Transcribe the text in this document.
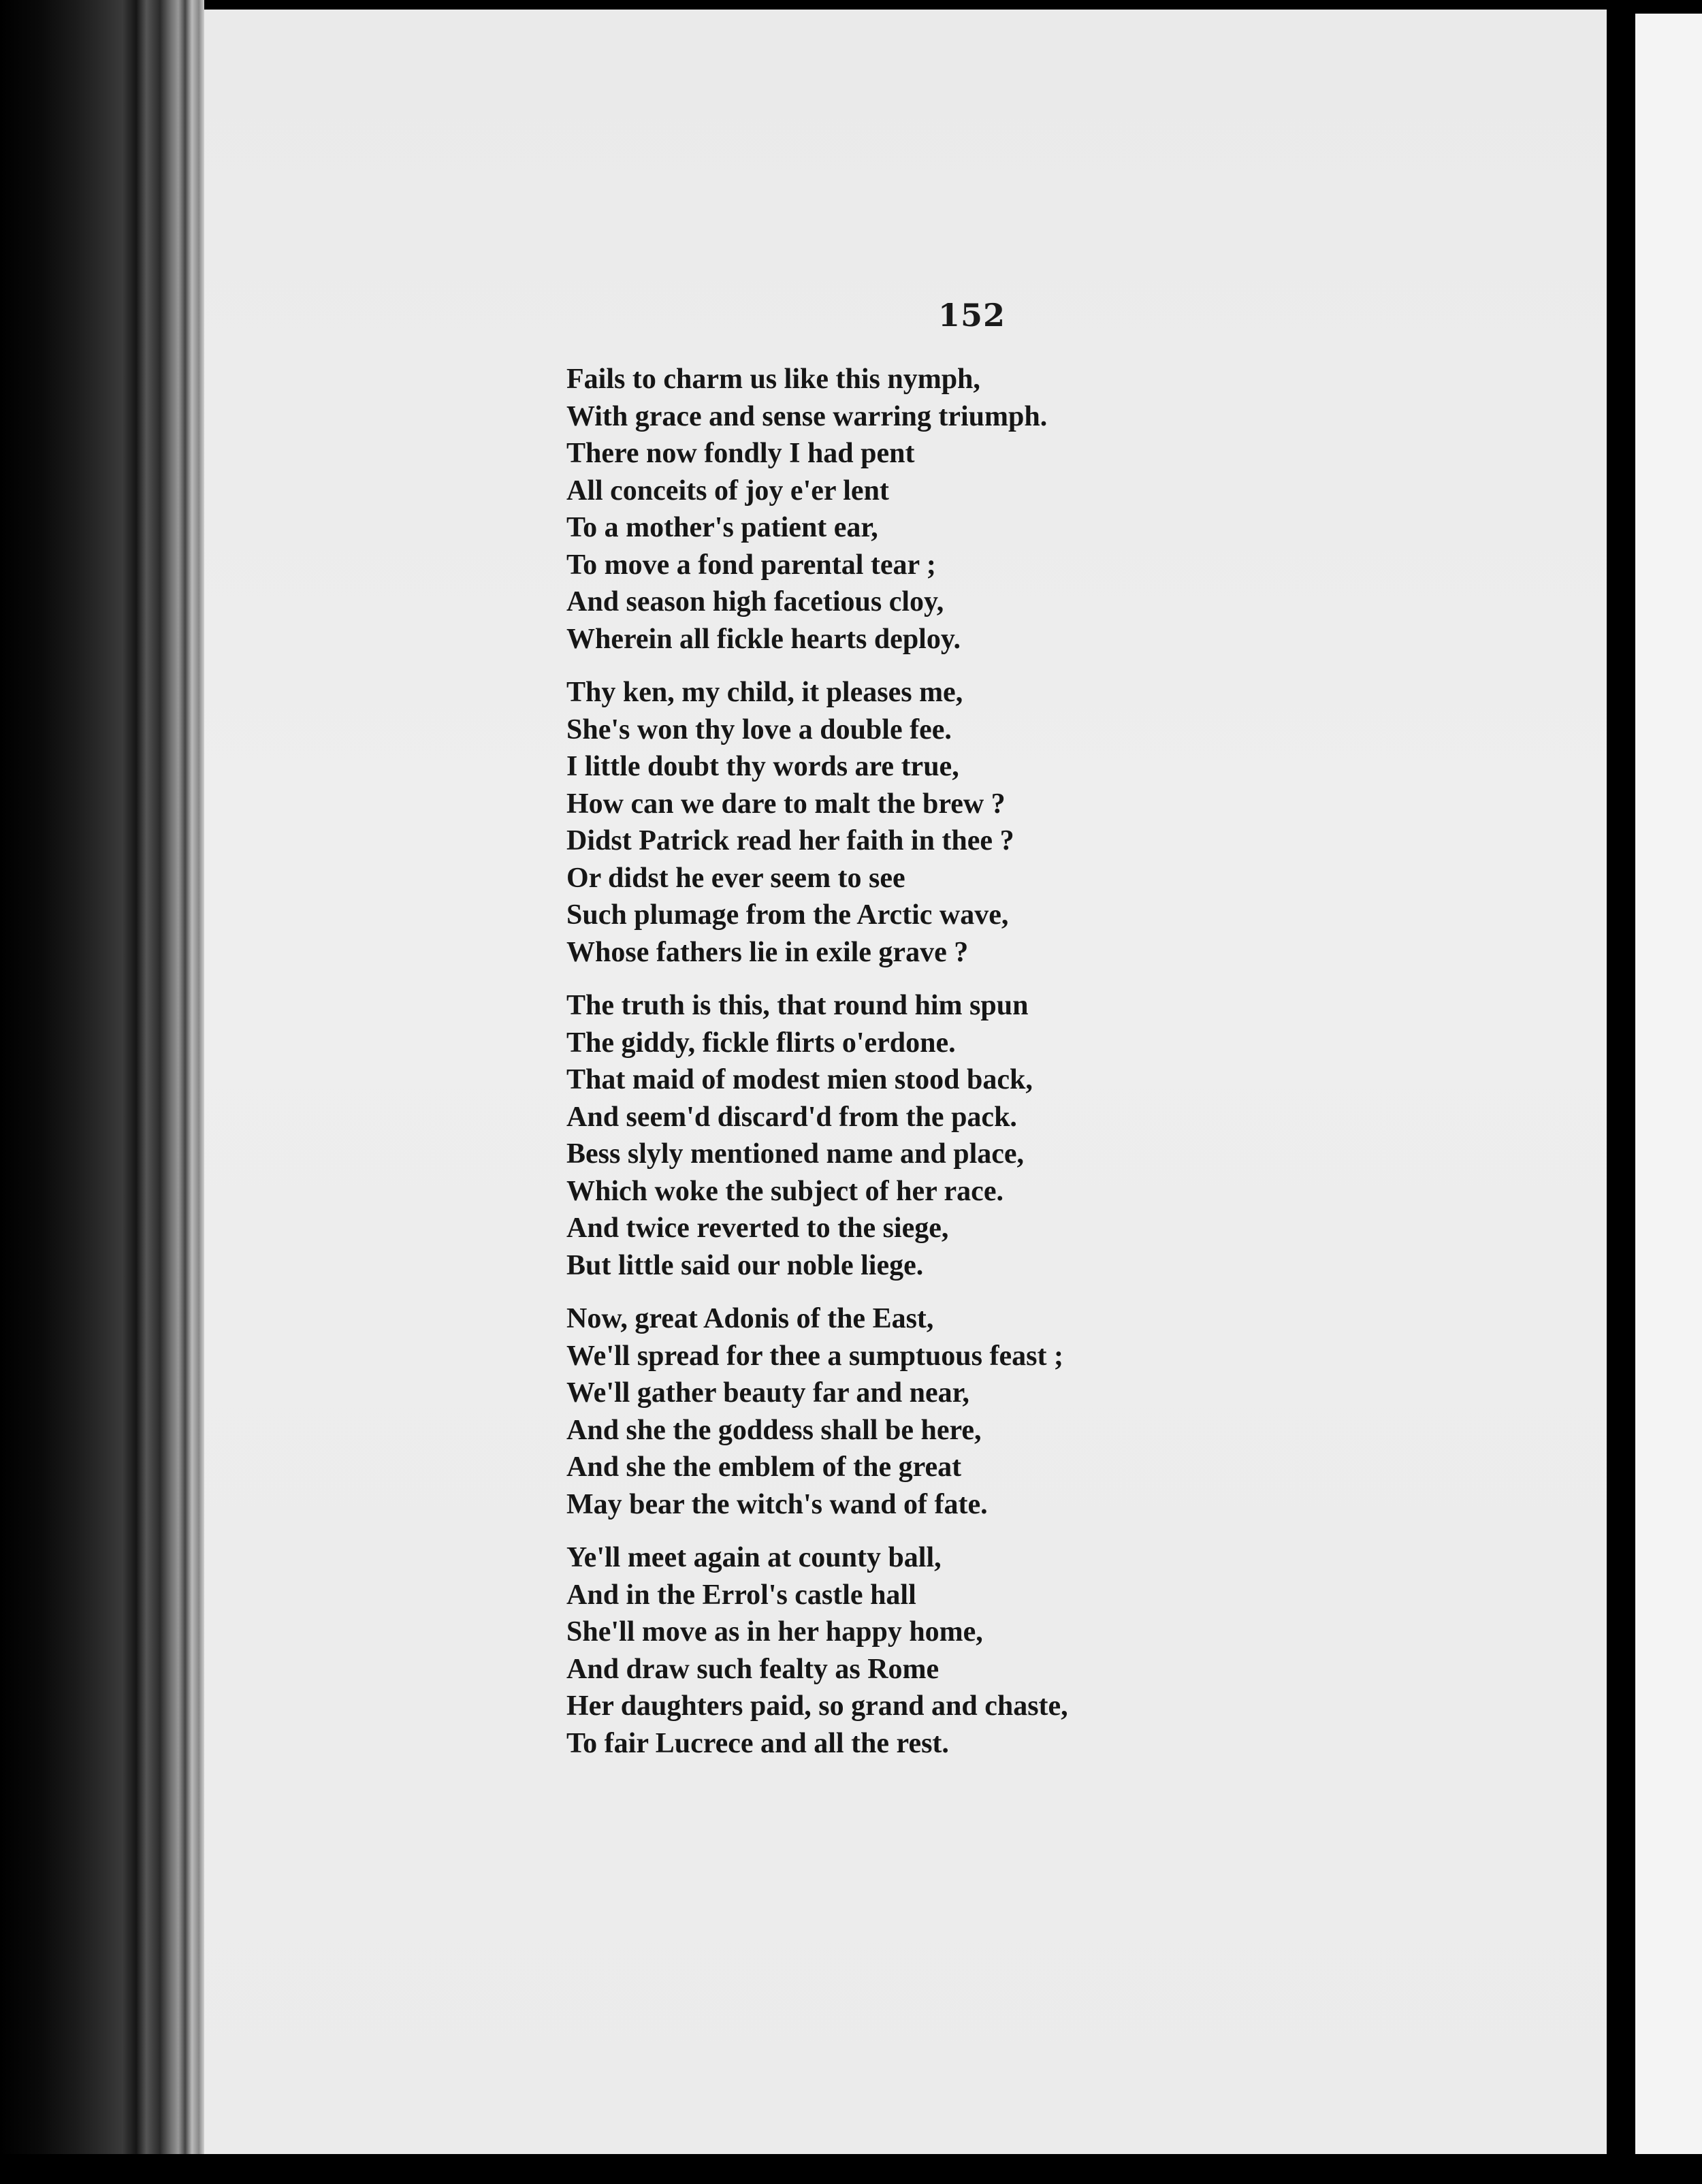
152
Fails to charm us like this nymph,
With grace and sense warring triumph.
There now fondly I had pent
All conceits of joy e'er lent
To a mother's patient ear,
To move a fond parental tear ;
And season high facetious cloy,
Wherein all fickle hearts deploy.
Thy ken, my child, it pleases me,
She's won thy love a double fee.
I little doubt thy words are true,
How can we dare to malt the brew ?
Didst Patrick read her faith in thee ?
Or didst he ever seem to see
Such plumage from the Arctic wave,
Whose fathers lie in exile grave ?
The truth is this, that round him spun
The giddy, fickle flirts o'erdone.
That maid of modest mien stood back,
And seem'd discard'd from the pack.
Bess slyly mentioned name and place,
Which woke the subject of her race.
And twice reverted to the siege,
But little said our noble liege.
Now, great Adonis of the East,
We'll spread for thee a sumptuous feast ;
We'll gather beauty far and near,
And she the goddess shall be here,
And she the emblem of the great
May bear the witch's wand of fate.
Ye'll meet again at county ball,
And in the Errol's castle hall
She'll move as in her happy home,
And draw such fealty as Rome
Her daughters paid, so grand and chaste,
To fair Lucrece and all the rest.
